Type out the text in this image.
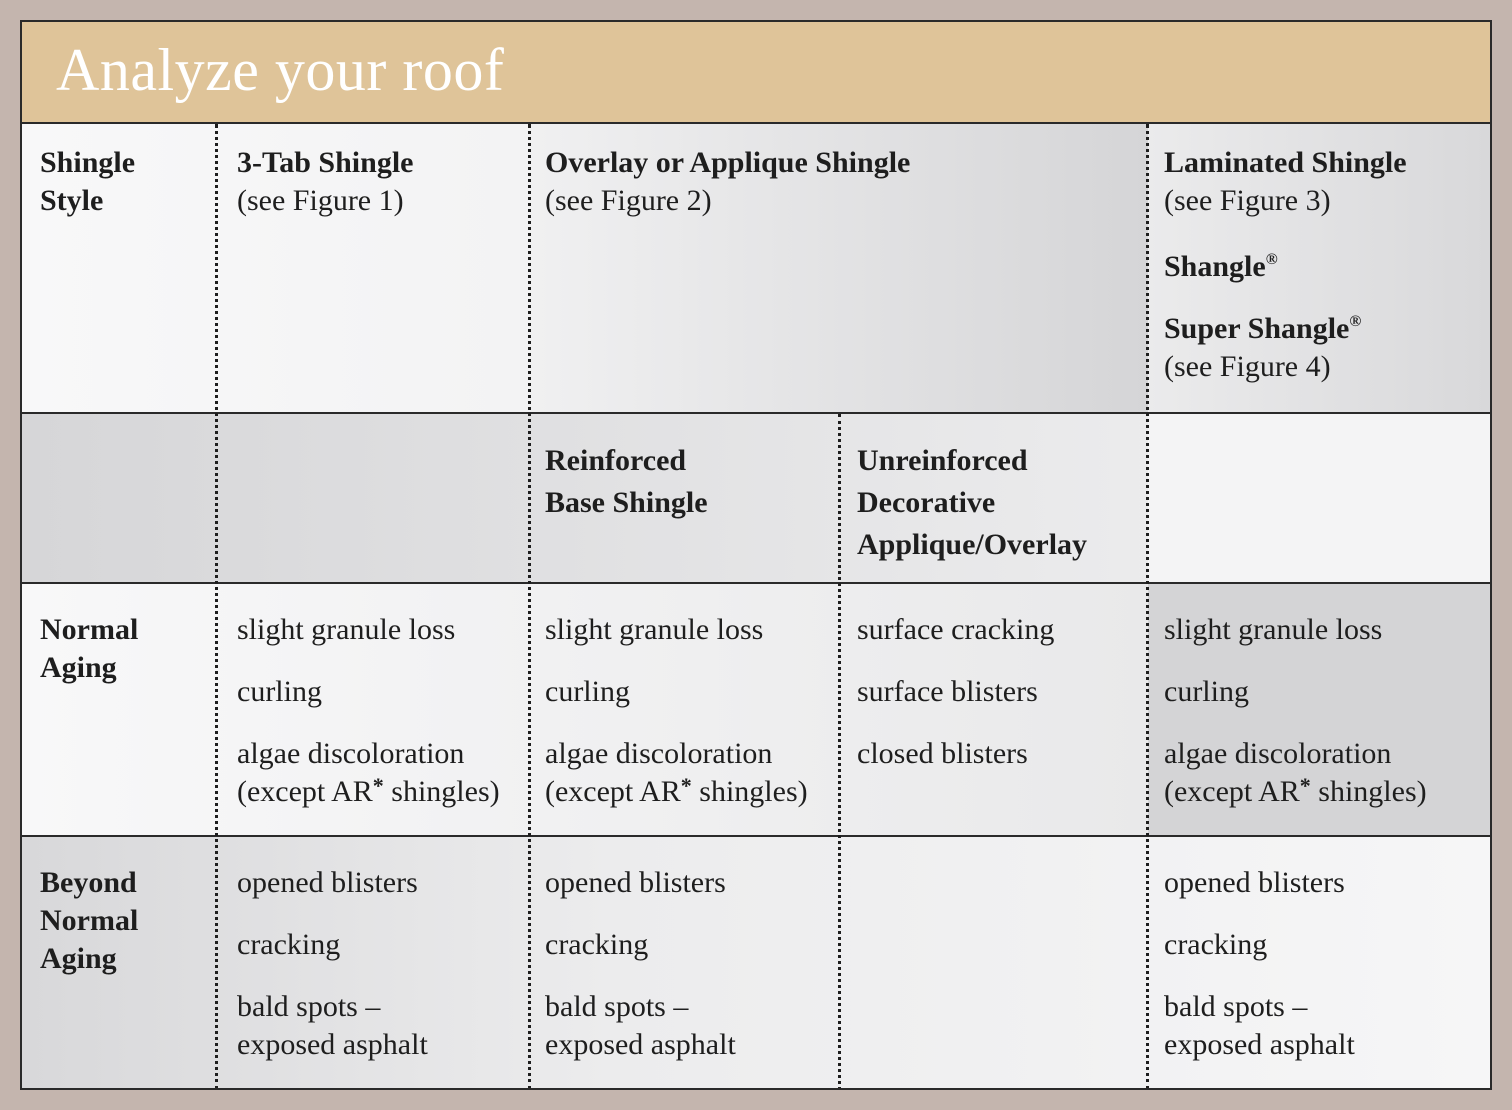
Analyze your roof
Shingle
Style
3-Tab Shingle
(see Figure 1)
Overlay or Applique Shingle
(see Figure 2)
Laminated Shingle
(see Figure 3)
Shangle®
Super Shangle®
(see Figure 4)
Reinforced
Base Shingle
Unreinforced
Decorative
Applique/Overlay
Normal
Aging
slight granule loss
curling
algae discoloration
(except AR* shingles)
slight granule loss
curling
algae discoloration
(except AR* shingles)
surface cracking
surface blisters
closed blisters
slight granule loss
curling
algae discoloration
(except AR* shingles)
Beyond
Normal
Aging
opened blisters
cracking
bald spots –
exposed asphalt
opened blisters
cracking
bald spots –
exposed asphalt
opened blisters
cracking
bald spots –
exposed asphalt
